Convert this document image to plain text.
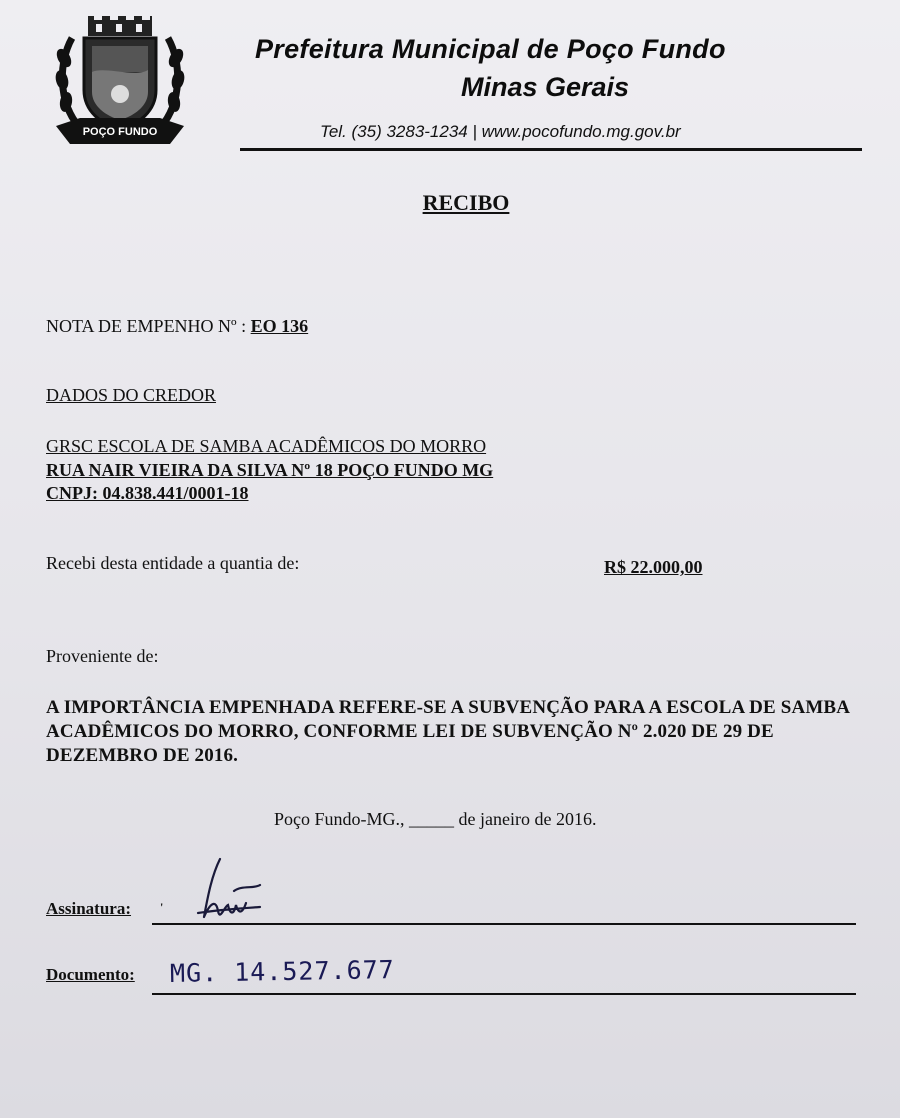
POÇO FUNDO
Prefeitura Municipal de Poço Fundo
Minas Gerais
Tel. (35) 3283-1234 | www.pocofundo.mg.gov.br
RECIBO
NOTA DE EMPENHO Nº : EO 136
DADOS DO CREDOR
GRSC ESCOLA DE SAMBA ACADÊMICOS DO MORRO
RUA NAIR VIEIRA DA SILVA Nº 18 POÇO FUNDO MG
CNPJ: 04.838.441/0001-18
Recebi desta entidade a quantia de:	R$ 22.000,00
Proveniente de:
A IMPORTÂNCIA EMPENHADA REFERE-SE A SUBVENÇÃO PARA A ESCOLA DE SAMBA ACADÊMICOS DO MORRO, CONFORME LEI DE SUBVENÇÃO Nº 2.020 DE 29 DE DEZEMBRO DE 2016.
Poço Fundo-MG., _____ de janeiro de 2016.
Assinatura: '
Documento: MG. 14.527.677
